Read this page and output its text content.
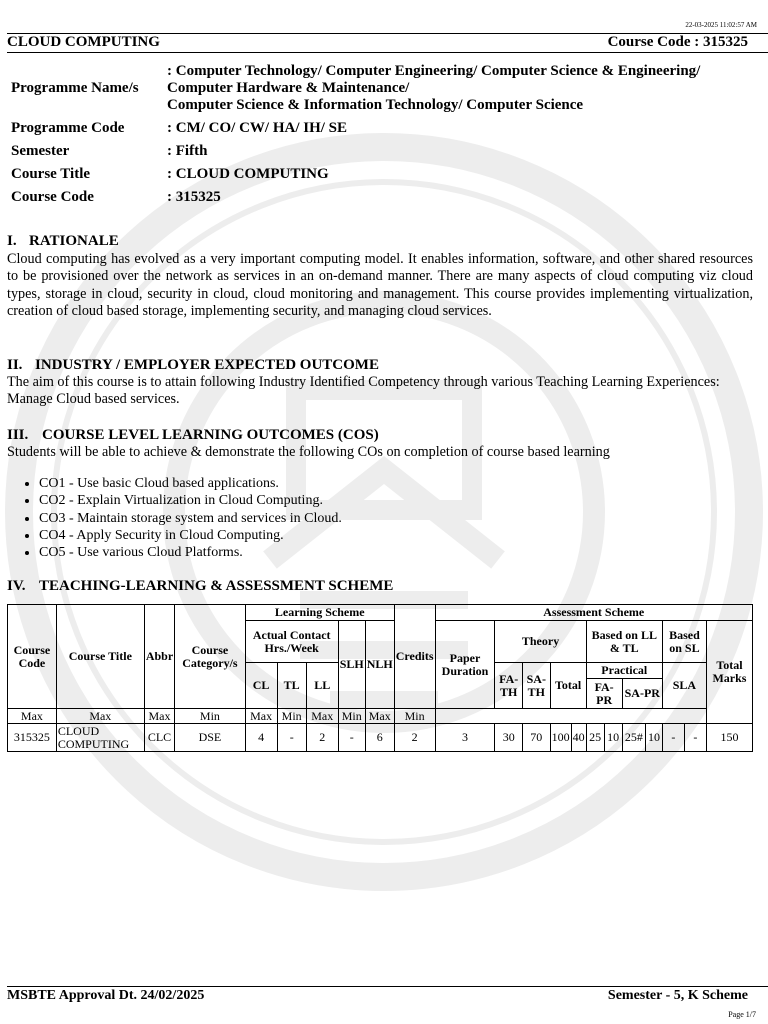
22-03-2025 11:02:57 AM
CLOUD COMPUTING	Course Code : 315325
Programme Name/s	: Computer Technology/ Computer Engineering/ Computer Science & Engineering/
Computer Hardware & Maintenance/
Computer Science & Information Technology/ Computer Science
Programme Code	: CM/ CO/ CW/ HA/ IH/ SE
Semester	: Fifth
Course Title	: CLOUD COMPUTING
Course Code	: 315325
I. RATIONALE
Cloud computing has evolved as a very important computing model. It enables information, software, and other shared resources to be provisioned over the network as services in an on-demand manner. There are many aspects of cloud computing viz cloud types, storage in cloud, security in cloud, cloud monitoring and management. This course provides implementing virtualization, creation of cloud based storage, implementing security, and managing cloud services.
II. INDUSTRY / EMPLOYER EXPECTED OUTCOME
The aim of this course is to attain following Industry Identified Competency through various Teaching Learning Experiences: Manage Cloud based services.
III. COURSE LEVEL LEARNING OUTCOMES (COS)
Students will be able to achieve & demonstrate the following COs on completion of course based learning
• CO1 - Use basic Cloud based applications.
• CO2 - Explain Virtualization in Cloud Computing.
• CO3 - Maintain storage system and services in Cloud.
• CO4 - Apply Security in Cloud Computing.
• CO5 - Use various Cloud Platforms.
IV. TEACHING-LEARNING & ASSESSMENT SCHEME
Course Code	Course Title	Abbr	Course Category/s	Learning Scheme					Credits	Assessment Scheme											
				Actual Contact Hrs./Week			SLH	NLH		Paper Duration	Theory				Based on LL & TL				Based on SL		Total Marks
				CL	TL	LL					FA-TH	SA-TH	Total		Practical				SLA		
															FA-PR		SA-PR				
Max	Max	Max	Min	Max	Min	Max	Min	Max	Min												
315325	CLOUD COMPUTING	CLC	DSE	4	-	2	-	6	2	3	30	70	100	40	25	10	25#	10	-	-	150
MSBTE Approval Dt. 24/02/2025	Semester - 5, K Scheme
Page 1/7
